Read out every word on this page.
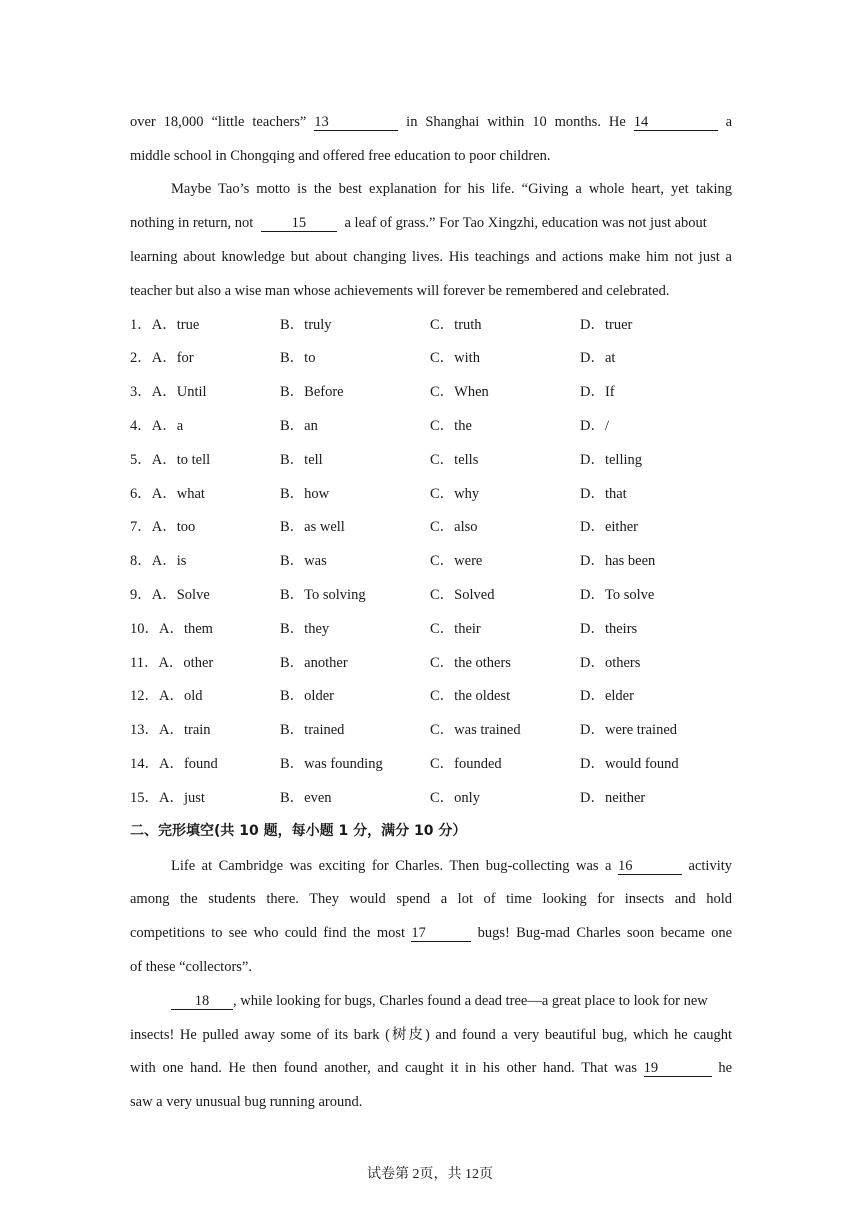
over 18,000 “little teachers” 13	in Shanghai within 10 months. He 14	a
middle school in Chongqing and offered free education to poor children.
Maybe Tao’s motto is the best explanation for his life. “Giving a whole heart, yet taking
nothing in return, not	15	a leaf of grass.” For Tao Xingzhi, education was not just about
learning about knowledge but about changing lives. His teachings and actions make him not just a
teacher but also a wise man whose achievements will forever be remembered and celebrated.
1．A．true	B．truly	C．truth	D．truer
2．A．for	B．to	C．with	D．at
3．A．Until	B．Before	C．When	D．If
4．A．a	B．an	C．the	D．/
5．A．to tell	B．tell	C．tells	D．telling
6．A．what	B．how	C．why	D．that
7．A．too	B．as well	C．also	D．either
8．A．is	B．was	C．were	D．has been
9．A．Solve	B．To solving	C．Solved	D．To solve
10．A．them	B．they	C．their	D．theirs
11．A．other	B．another	C．the others	D．others
12．A．old	B．older	C．the oldest	D．elder
13．A．train	B．trained	C．was trained	D．were trained
14．A．found	B．was founding	C．founded	D．would found
15．A．just	B．even	C．only	D．neither
二、完形填空(共 10 题，每小题 1 分，满分 10 分）
Life at Cambridge was exciting for Charles. Then bug-collecting was a 16	activity
among the students there. They would spend a lot of time looking for insects and hold
competitions to see who could find the most 17	bugs! Bug-mad Charles soon became one
of these “collectors”.
18 , while looking for bugs, Charles found a dead tree—a great place to look for new
insects! He pulled away some of its bark (树皮) and found a very beautiful bug, which he caught
with one hand. He then found another, and caught it in his other hand. That was 19	he
saw a very unusual bug running around.
试卷第 2页，共 12页
